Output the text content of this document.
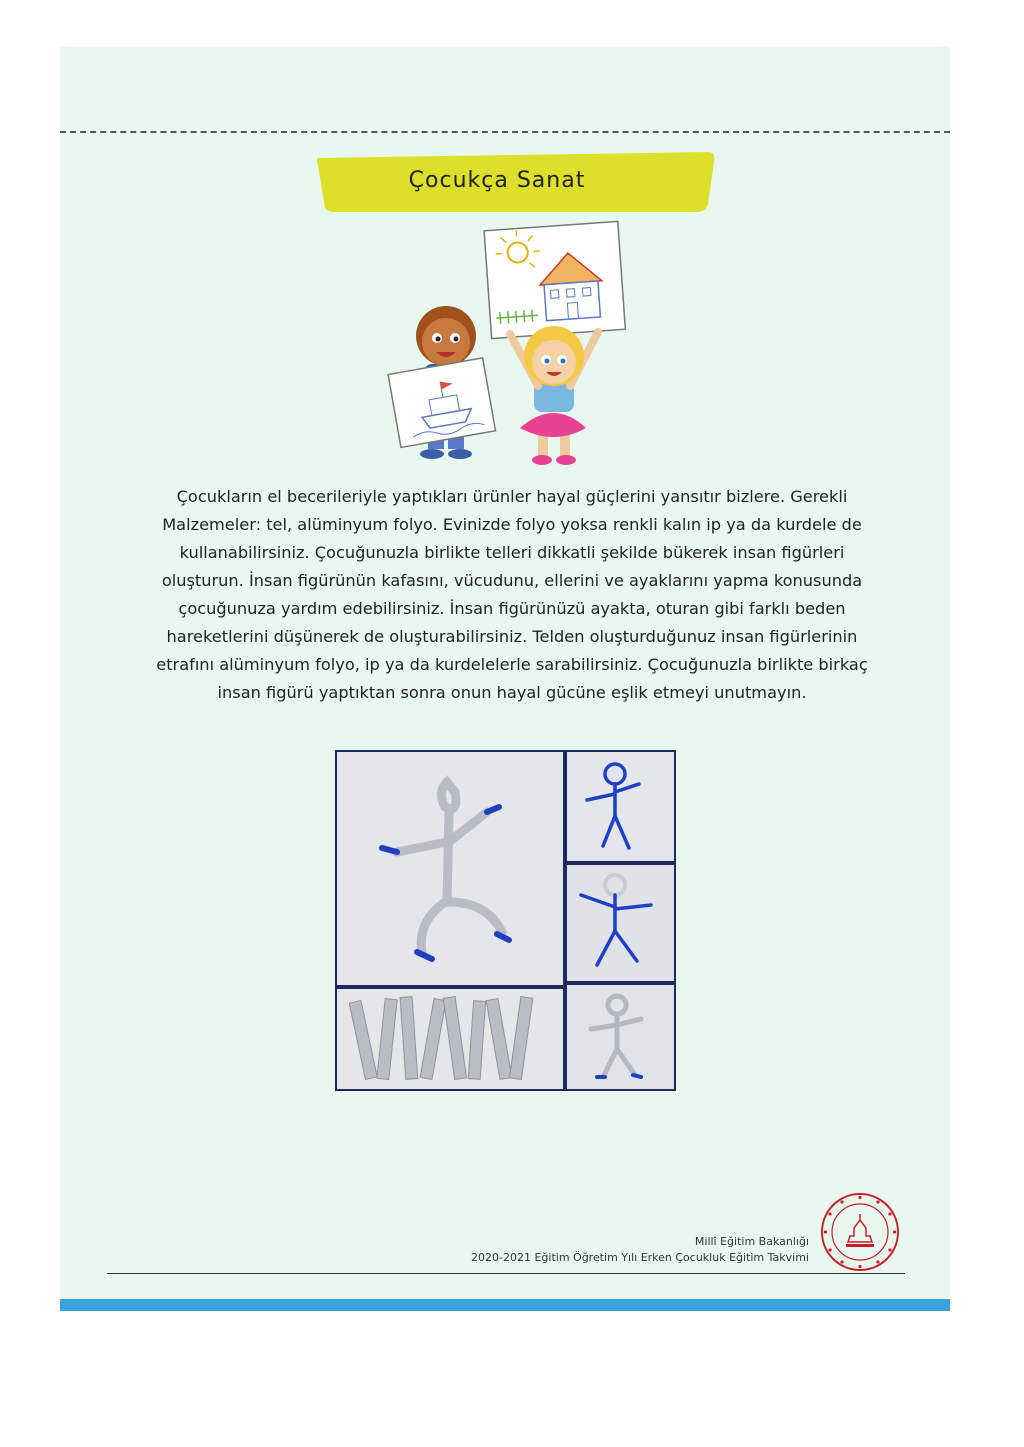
Çocukça Sanat
Çocukların el becerileriyle yaptıkları ürünler hayal güçlerini yansıtır bizlere. Gerekli Malzemeler: tel, alüminyum folyo. Evinizde folyo yoksa renkli kalın ip ya da kurdele de kullanabilirsiniz. Çocuğunuzla birlikte telleri dikkatli şekilde bükerek insan figürleri oluşturun. İnsan figürünün kafasını, vücudunu, ellerini ve ayaklarını yapma konusunda çocuğunuza yardım edebilirsiniz. İnsan figürünüzü ayakta, oturan gibi farklı beden hareketlerini düşünerek de oluşturabilirsiniz. Telden oluşturduğunuz insan figürlerinin etrafını alüminyum folyo, ip ya da kurdelelerle sarabilirsiniz. Çocuğunuzla birlikte birkaç insan figürü yaptıktan sonra onun hayal gücüne eşlik etmeyi unutmayın.
Millî Eğitim Bakanlığı
2020-2021 Eğitim Öğretim Yılı Erken Çocukluk Eğitim Takvimi
